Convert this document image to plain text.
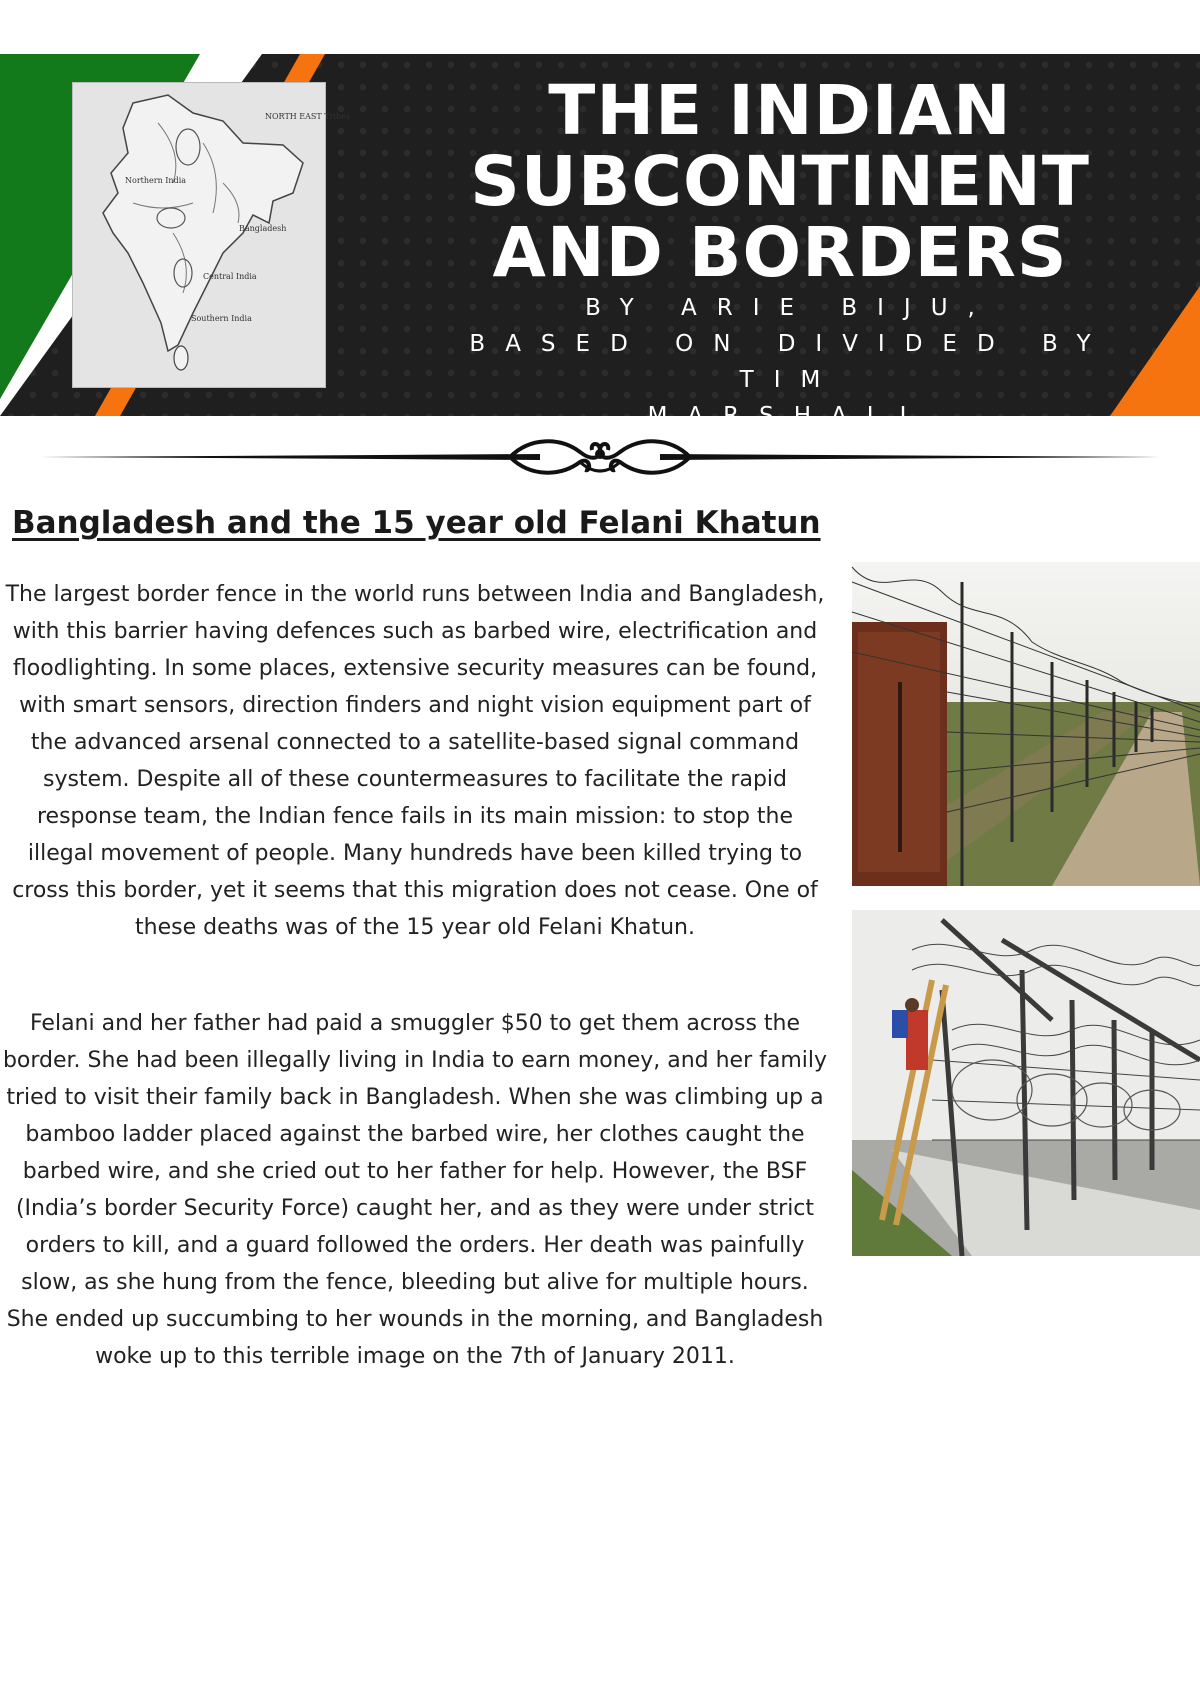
NORTH EAST Tribes
Northern India
Bangladesh
Central India
Southern India
THE INDIAN
SUBCONTINENT
AND BORDERS
BY ARIE BIJU,
BASED ON DIVIDED BY TIM
MARSHALL
Bangladesh and the 15 year old Felani Khatun

The largest border fence in the world runs between India and Bangladesh, with this barrier having defences such as barbed wire, electrification and floodlighting. In some places, extensive security measures can be found, with smart sensors, direction finders and night vision equipment part of the advanced arsenal connected to a satellite-based signal command system. Despite all of these countermeasures to facilitate the rapid response team, the Indian fence fails in its main mission: to stop the illegal movement of people. Many hundreds have been killed trying to cross this border, yet it seems that this migration does not cease. One of these deaths was of the 15 year old Felani Khatun.

Felani and her father had paid a smuggler $50 to get them across the border. She had been illegally living in India to earn money, and her family tried to visit their family back in Bangladesh. When she was climbing up a bamboo ladder placed against the barbed wire, her clothes caught the barbed wire, and she cried out to her father for help. However, the BSF (India’s border Security Force) caught her, and as they were under strict orders to kill, and a guard followed the orders. Her death was painfully slow, as she hung from the fence, bleeding but alive for multiple hours. She ended up succumbing to her wounds in the morning, and Bangladesh woke up to this terrible image on the 7th of January 2011.
